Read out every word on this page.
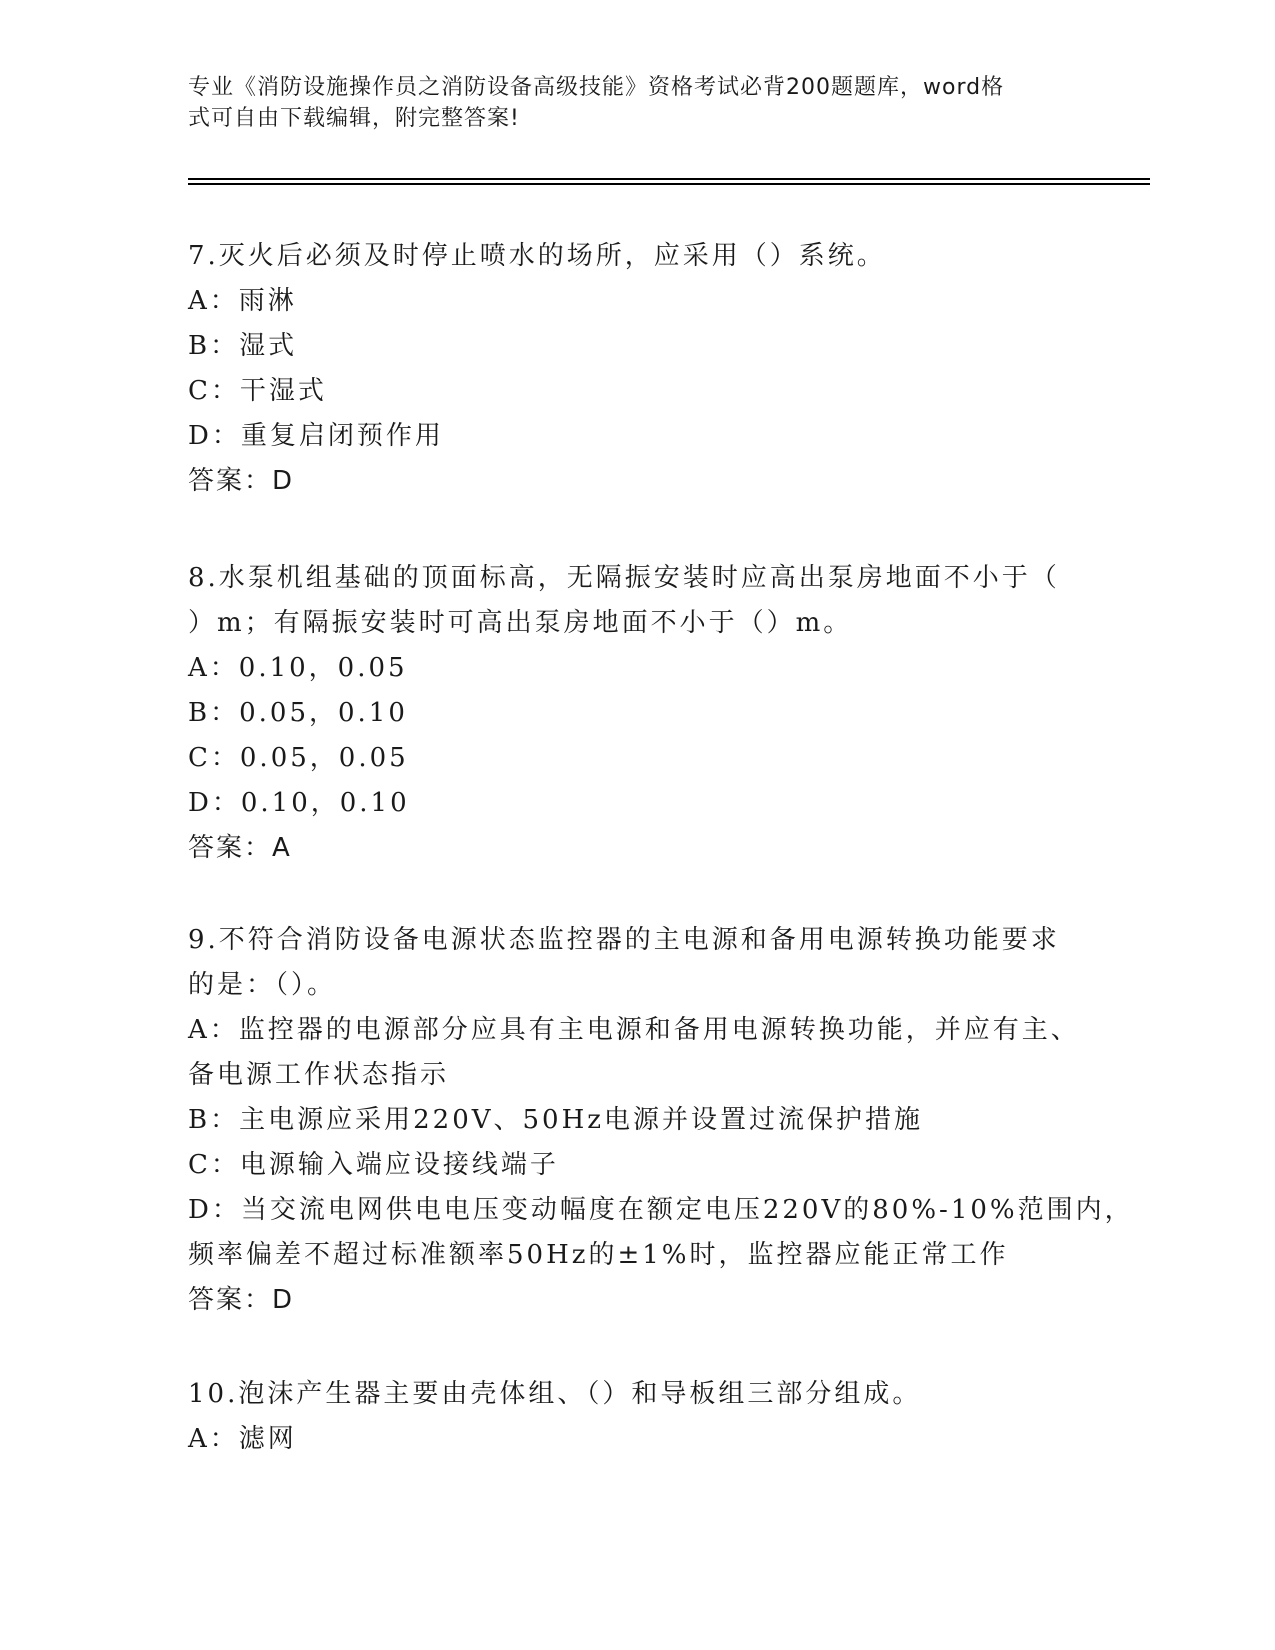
专业《消防设施操作员之消防设备高级技能》资格考试必背200题题库，word格
式可自由下载编辑，附完整答案!
7.灭火后必须及时停止喷水的场所，应采用（）系统。
A：雨淋
B：湿式
C：干湿式
D：重复启闭预作用
答案：D
8.水泵机组基础的顶面标高，无隔振安装时应高出泵房地面不小于（
）m；有隔振安装时可高出泵房地面不小于（）m。
A：0.10，0.05
B：0.05，0.10
C：0.05，0.05
D：0.10，0.10
答案：A
9.不符合消防设备电源状态监控器的主电源和备用电源转换功能要求
的是：（）。
A：监控器的电源部分应具有主电源和备用电源转换功能，并应有主、
备电源工作状态指示
B：主电源应采用220V、50Hz电源并设置过流保护措施
C：电源输入端应设接线端子
D：当交流电网供电电压变动幅度在额定电压220V的80%-10%范围内，
频率偏差不超过标准额率50Hz的±1%时，监控器应能正常工作
答案：D
10.泡沫产生器主要由壳体组、（）和导板组三部分组成。
A：滤网
